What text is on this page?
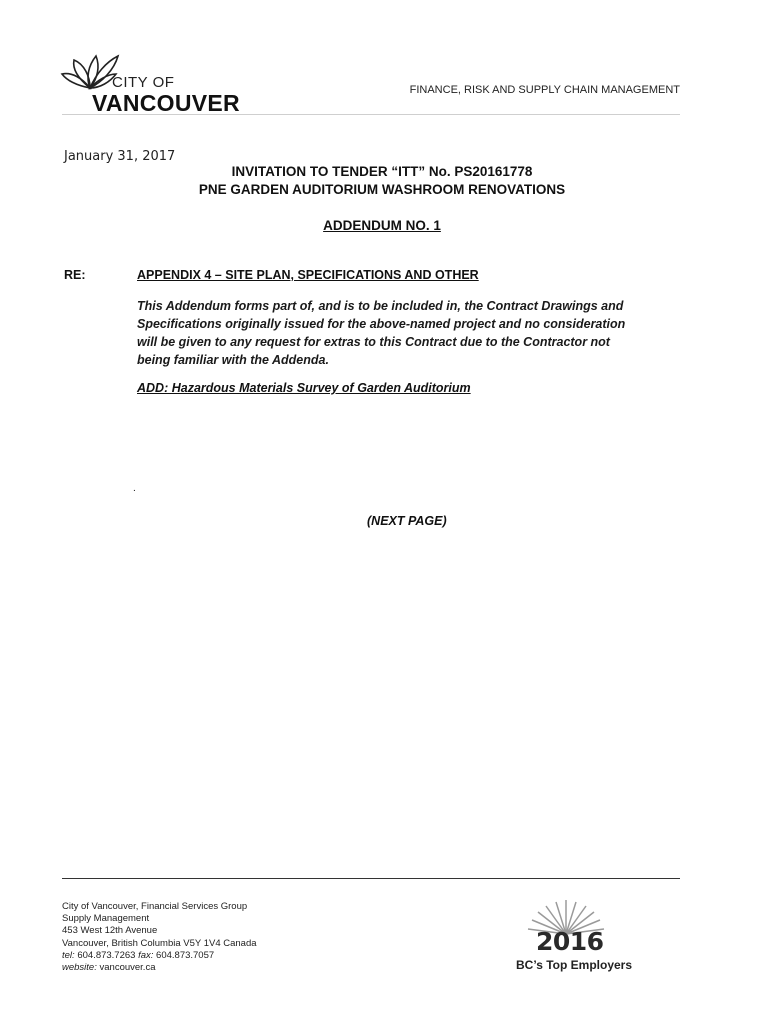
CITY OF
VANCOUVER	FINANCE, RISK AND SUPPLY CHAIN MANAGEMENT
January 31, 2017
INVITATION TO TENDER “ITT” No. PS20161778
PNE GARDEN AUDITORIUM WASHROOM RENOVATIONS
ADDENDUM NO. 1
RE:	APPENDIX 4 – SITE PLAN, SPECIFICATIONS AND OTHER
This Addendum forms part of, and is to be included in, the Contract Drawings and
Specifications originally issued for the above-named project and no consideration
will be given to any request for extras to this Contract due to the Contractor not
being familiar with the Addenda.
ADD: Hazardous Materials Survey of Garden Auditorium
.
(NEXT PAGE)
City of Vancouver, Financial Services Group
Supply Management
453 West 12th Avenue
Vancouver, British Columbia V5Y 1V4 Canada
tel: 604.873.7263 fax: 604.873.7057
website: vancouver.ca
2016
BC’s Top Employers
